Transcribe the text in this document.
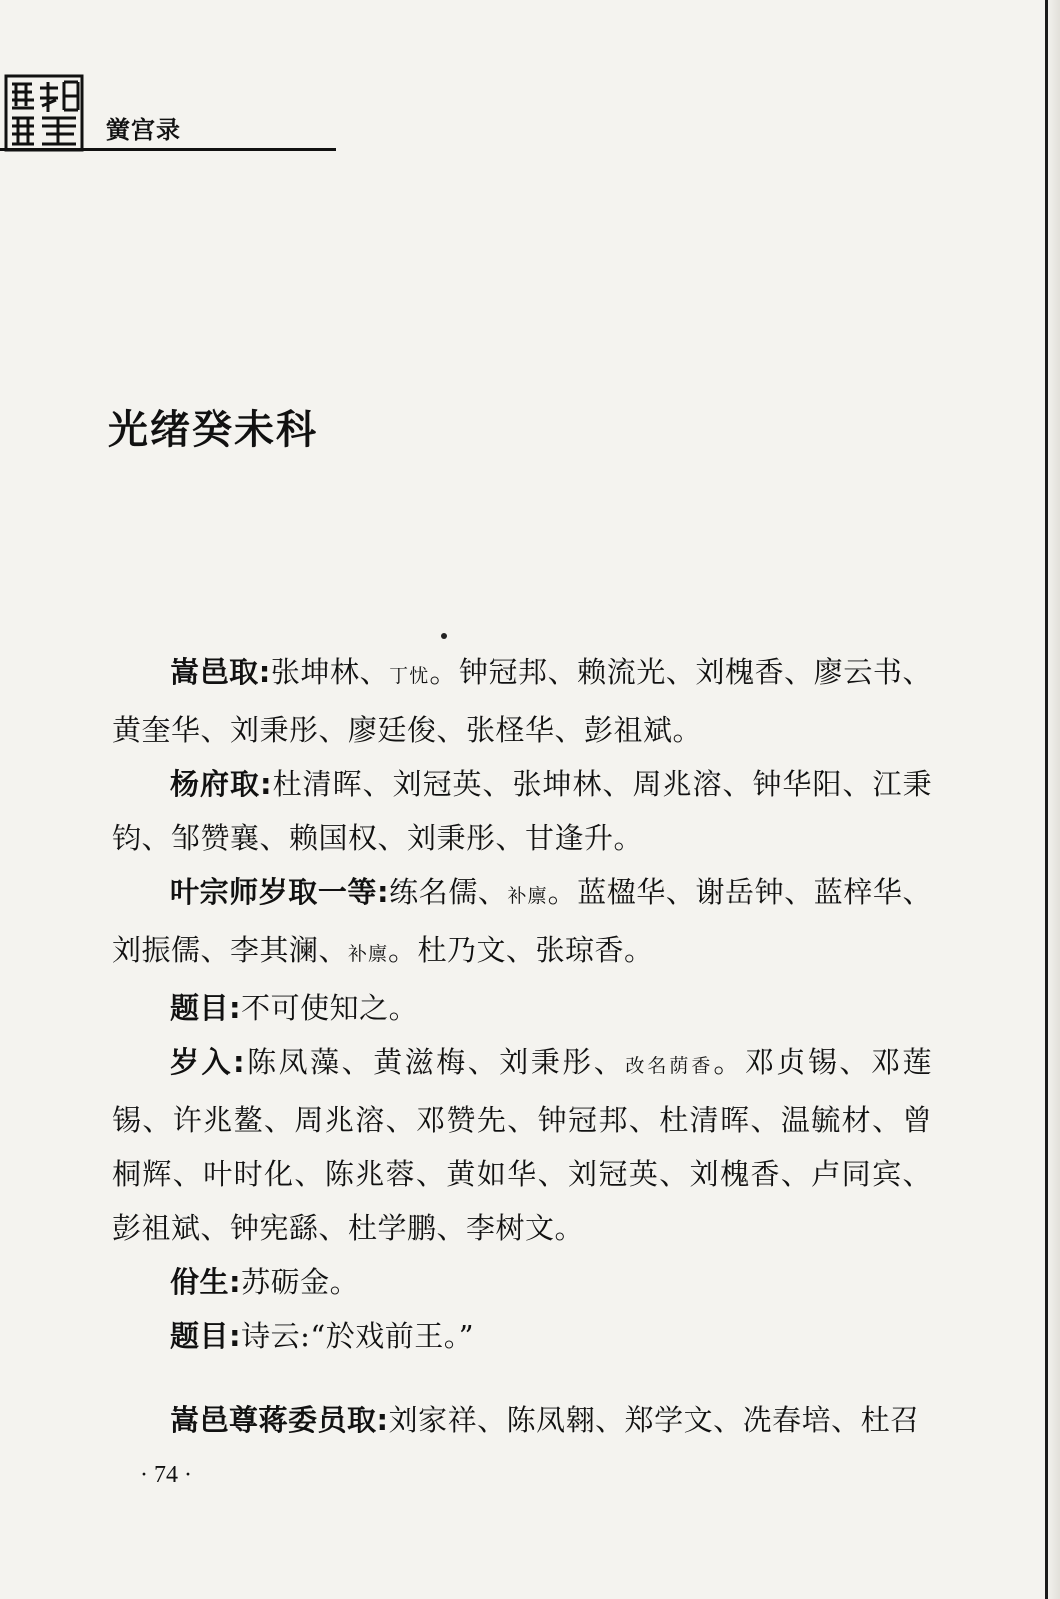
黉宫录
光绪癸未科

嵩邑取:张坤林、丁忧。钟冠邦、赖流光、刘槐香、廖云书、黄奎华、刘秉彤、廖廷俊、张柽华、彭祖斌。

杨府取:杜清晖、刘冠英、张坤林、周兆溶、钟华阳、江秉钧、邹赞襄、赖国权、刘秉彤、甘逢升。

叶宗师岁取一等:练名儒、补廪。蓝楹华、谢岳钟、蓝梓华、刘振儒、李其澜、补廪。杜乃文、张琼香。

题目:不可使知之。

岁入:陈凤藻、黄滋梅、刘秉彤、改名荫香。邓贞锡、邓莲锡、许兆鳌、周兆溶、邓赞先、钟冠邦、杜清晖、温毓材、曾桐辉、叶时化、陈兆蓉、黄如华、刘冠英、刘槐香、卢同宾、彭祖斌、钟宪繇、杜学鹏、李树文。

佾生:苏砺金。

题目:诗云:“於戏前王。”

嵩邑尊蒋委员取:刘家祥、陈凤翱、郑学文、冼春培、杜召

· 74 ·
